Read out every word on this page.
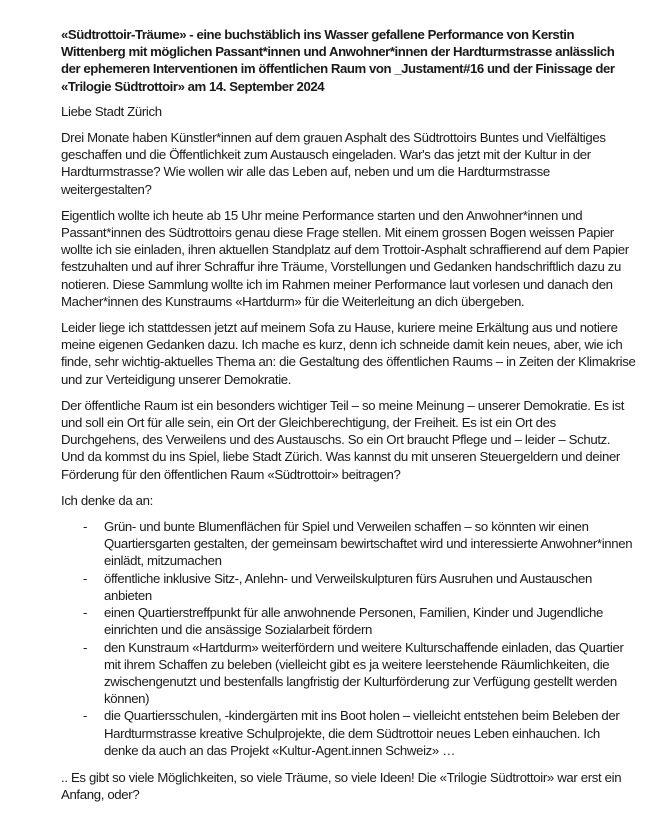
«Südtrottoir-Träume» - eine buchstäblich ins Wasser gefallene Performance von Kerstin Wittenberg mit möglichen Passant*innen und Anwohner*innen der Hardturmstrasse anlässlich der ephemeren Interventionen im öffentlichen Raum von _Justament#16 und der Finissage der «Trilogie Südtrottoir» am 14. September 2024

Liebe Stadt Zürich

Drei Monate haben Künstler*innen auf dem grauen Asphalt des Südtrottoirs Buntes und Vielfältiges geschaffen und die Öffentlichkeit zum Austausch eingeladen. War's das jetzt mit der Kultur in der Hardturmstrasse? Wie wollen wir alle das Leben auf, neben und um die Hardturmstrasse weitergestalten?

Eigentlich wollte ich heute ab 15 Uhr meine Performance starten und den Anwohner*innen und Passant*innen des Südtrottoirs genau diese Frage stellen. Mit einem grossen Bogen weissen Papier wollte ich sie einladen, ihren aktuellen Standplatz auf dem Trottoir-Asphalt schraffierend auf dem Papier festzuhalten und auf ihrer Schraffur ihre Träume, Vorstellungen und Gedanken handschriftlich dazu zu notieren. Diese Sammlung wollte ich im Rahmen meiner Performance laut vorlesen und danach den Macher*innen des Kunstraums «Hartdurm» für die Weiterleitung an dich übergeben.

Leider liege ich stattdessen jetzt auf meinem Sofa zu Hause, kuriere meine Erkältung aus und notiere meine eigenen Gedanken dazu. Ich mache es kurz, denn ich schneide damit kein neues, aber, wie ich finde, sehr wichtig-aktuelles Thema an: die Gestaltung des öffentlichen Raums – in Zeiten der Klimakrise und zur Verteidigung unserer Demokratie.

Der öffentliche Raum ist ein besonders wichtiger Teil – so meine Meinung – unserer Demokratie. Es ist und soll ein Ort für alle sein, ein Ort der Gleichberechtigung, der Freiheit. Es ist ein Ort des Durchgehens, des Verweilens und des Austauschs. So ein Ort braucht Pflege und – leider – Schutz. Und da kommst du ins Spiel, liebe Stadt Zürich. Was kannst du mit unseren Steuergeldern und deiner Förderung für den öffentlichen Raum «Südtrottoir» beitragen?

Ich denke da an:

- Grün- und bunte Blumenflächen für Spiel und Verweilen schaffen – so könnten wir einen Quartiersgarten gestalten, der gemeinsam bewirtschaftet wird und interessierte Anwohner*innen einlädt, mitzumachen
- öffentliche inklusive Sitz-, Anlehn- und Verweilskulpturen fürs Ausruhen und Austauschen anbieten
- einen Quartierstreffpunkt für alle anwohnende Personen, Familien, Kinder und Jugendliche einrichten und die ansässige Sozialarbeit fördern
- den Kunstraum «Hartdurm» weiterfördern und weitere Kulturschaffende einladen, das Quartier mit ihrem Schaffen zu beleben (vielleicht gibt es ja weitere leerstehende Räumlichkeiten, die zwischengenutzt und bestenfalls langfristig der Kulturförderung zur Verfügung gestellt werden können)
- die Quartiersschulen, -kindergärten mit ins Boot holen – vielleicht entstehen beim Beleben der Hardturmstrasse kreative Schulprojekte, die dem Südtrottoir neues Leben einhauchen. Ich denke da auch an das Projekt «Kultur-Agent.innen Schweiz» …

.. Es gibt so viele Möglichkeiten, so viele Träume, so viele Ideen! Die «Trilogie Südtrottoir» war erst ein Anfang, oder?
